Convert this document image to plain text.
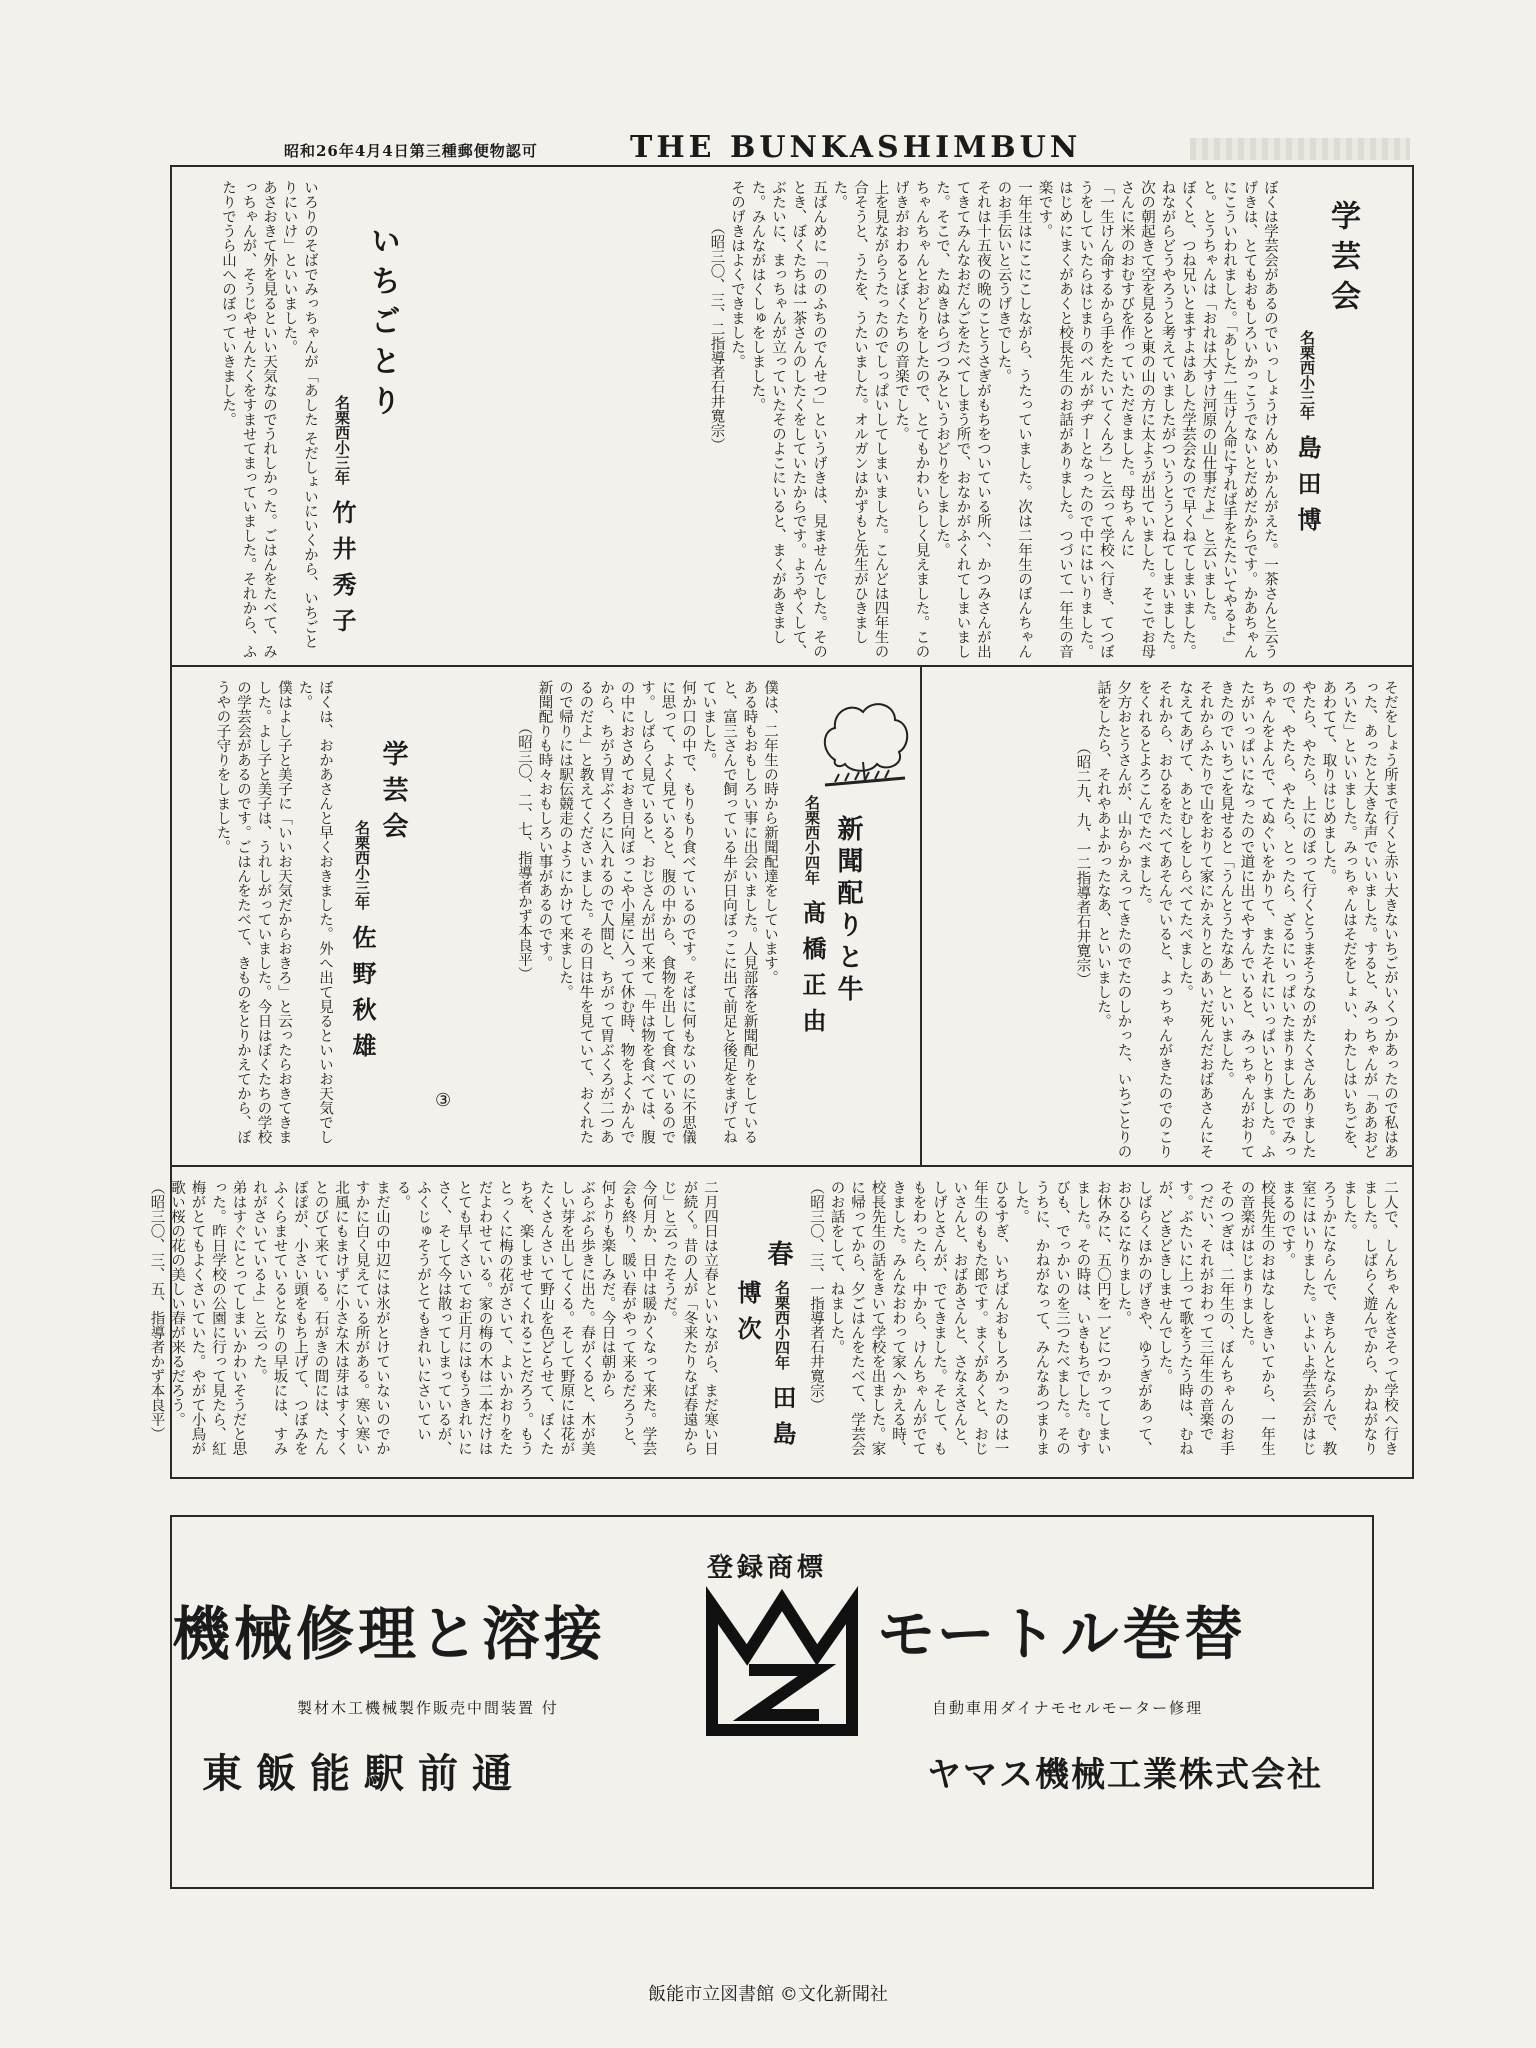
昭和26年4月4日第三種郵便物認可	THE BUNKASHIMBUN
学芸会
名栗西小三年 島田博

ぼくは学芸会があるのでいっしょうけんめいかんがえた。一茶さんと云うげきは、とてもおもしろいかっこうでないとだめだからです。かあちゃんにこういわれました。「あした一生けん命にすれば手をたたいてやるよ」と。とうちゃんは「おれは大すけ河原の山仕事だよ」と云いました。

ぼくと、つね兄いとますよはあした学芸会なので早くねてしまいました。ねながらどうやろうと考えていましたがついうとうとねてしまいました。

次の朝起きて空を見ると東の山の方に太ようが出ていました。そこでお母さんに米のおむすびを作っていただきました。母ちゃんに

「一生けん命するから手をたたいてくんろ」と云って学校へ行き、てつぼうをしていたらはじまりのベルがヂヂーとなったので中にはいりました。

はじめにまくがあくと校長先生のお話がありました。つづいて一年生の音楽です。

一年生はにこにこしながら、うたっていました。次は二年生のぼんちゃんのお手伝いと云うげきでした。

それは十五夜の晩のことうさぎがもちをついている所へ、かつみさんが出てきてみんなおだんごをたべてしまう所で、おなかがふくれてしまいました。そこで、たぬきはらづつみというおどりをしました。

ちゃんちゃんとおどりをしたので、とてもかわいらしく見えました。このげきがおわるとぼくたちの音楽でした。

上を見ながらうたったのでしっぱいしてしまいました。こんどは四年生の合そうと、うたを、うたいました。オルガンはかずもと先生がひきました。

五ばんめに「ののふちのでんせつ」というげきは、見ませんでした。そのとき、ぼくたちは一茶さんのしたくをしていたからです。ようやくして、ぶたいに、まっちゃんが立っていたそのよこにいると、まくがあきました。みんながはくしゅをしました。

そのげきはよくできました。

（昭三〇、三、二指導者石井寛宗）

いちごとり
名栗西小三年 竹井秀子

いろりのそばでみっちゃんが「あした そだしょいにいくから、いちごとりにいけ」といいました。

あさおきて外を見るといい天気なのでうれしかった。ごはんをたべて、みっちゃんが、そうじやせんたくをすませてまっていました。それから、ふたりでうら山へのぼっていきました。

そだをしょう所まで行くと赤い大きないちごがいくつかあったので私はあった、あったと大きな声でいいました。すると、みっちゃんが「ああおどろいた」といいました。みっちゃんはそだをしょい、わたしはいちごを、あわてて、取りはじめました。

やたら、やたら、上にのぼって行くとうまそうなのがたくさんありましたので、やたら、やたら、とったら、ざるにいっぱいたまりましたのでみっちゃんをよんで、てぬぐいをかりて、またそれにいっぱいとりました。ふたがいっぱいになったので道に出てやすんでいると、みっちゃんがおりてきたのでいちごを見せると「うんとうたなあ」といいました。

それからふたりで山をおりて家にかえりとのあいだ死んだおばあさんにそなえてあげて、あとむしをしらべてたべました。

それから、おひるをたべてあそんでいると、よっちゃんがきたのでのこりをくれるとよろこんでたべました。

夕方おとうさんが、山からかえってきたのでたのしかった、いちごとりの話をしたら、それやあよかったなあ、といいました。

（昭二九、九、一二指導者石井寛宗）

新聞配りと牛
名栗西小四年 髙橋正由

僕は、二年生の時から新聞配達をしています。

ある時もおもしろい事に出会いました。人見部落を新聞配りをしていると、富三さんで飼っている牛が日向ぼっこに出て前足と後足をまげてねていました。

何か口の中で、もりもり食べているのです。そばに何もないのに不思儀に思って、よく見ていると、腹の中から、食物を出して食べているのです。しばらく見ていると、おじさんが出て来て「牛は物を食べては、腹の中におさめておき日向ぼっこや小屋に入って休む時、物をよくかんでから、ちがう胃ぶくろに入れるので人間と、ちがって胃ぶくろが二つあるのだよ」と教えてくださいました。その日は牛を見ていて、おくれたので帰りには駅伝競走のようにかけて来ました。

新聞配りも時々おもしろい事があるのです。

（昭三〇、二、七、指導者かず本良平）

③
学芸会
名栗西小三年 佐野秋雄

ぼくは、おかあさんと早くおきました。外へ出て見るといいお天気でした。

僕はよし子と美子に「いいお天気だからおきろ」と云ったらおきてきました。よし子と美子は、うれしがっていました。今日はぼくたちの学校の学芸会があるのです。ごはんをたべて、きものをとりかえてから、ぼうやの子守りをしました。

二人で、しんちゃんをさそって学校へ行きました。しばらく遊んでから、かねがなりました。

ろうかにならんで、きちんとならんで、教室にはいりました。いよいよ学芸会がはじまるのです。

校長先生のおはなしをきいてから、一年生の音楽がはじまりました。

そのつぎは、二年生の、ぼんちゃんのお手つだい、それがおわって三年生の音楽です。ぶたいに上って歌をうたう時は、むねが、どきどきしませんでした。

しばらくほかのげきや、ゆうぎがあって、おひるになりました。

お休みに、五〇円を一どにつかってしまいました。その時は、いきもちでした。むすびも、でっかいのを三つたべました。そのうちに、かねがなって、みんなあつまりました。

ひるすぎ、いちばんおもしろかったのは一年生のももた郎です。まくがあくと、おじいさんと、おばあさんと、さなえさんと、しげとさんが、でてきました。そして、ももをわったら、中から、けんちゃんがでてきました。みんなおわって家へかえる時、校長先生の話をきいて学校を出ました。家に帰ってから、夕ごはんをたべて、学芸会のお話をして、ねました。

（昭三〇、三、一指導者石井寛宗）

春
名栗西小四年 田島博次

二月四日は立春といいながら、まだ寒い日が続く。昔の人が「冬来たりなば春遠からじ」と云ったそうだ。

今何月か、日中は暖かくなって来た。学芸会も終り、暖い春がやって来るだろうと、何よりも楽しみだ。今日は朝から

ぶらぶら歩きに出た。春がくると、木が美しい芽を出してくる。そして野原には花がたくさんさいて野山を色どらせて、ぼくたちを、楽しませてくれることだろう。もうとっくに梅の花がさいて、よいかおりをただよわせている。家の梅の木は二本だけはとても早くさいてお正月にはもうきれいにさく、そして今は散ってしまっているが、ふくじゅそうがとてもきれいにさいている。

まだ山の中辺には氷がとけていないのでかすかに白く見えている所がある。寒い寒い北風にもまけずに小さな木は芽はすくすくとのびて来ている。石がきの間には、たんぽぽが、小さい頭をもち上げて、つぼみをふくらませているとなりの早坂には、すみれがさいているよ」と云った。

弟はすぐにとってしまいかわいそうだと思った。昨日学校の公園に行って見たら、紅梅がとてもよくさいていた。やがて小鳥が歌い桜の花の美しい春が来るだろう。

（昭三〇、三、五、指導者かず本良平）

機械修理と溶接
登録商標
モートル巻替
製材木工機械製作販売中間装置 付	自動車用ダイナモセルモーター修理
東飯能駅前通	ヤマス機械工業株式会社
飯能市立図書館 ©文化新聞社
